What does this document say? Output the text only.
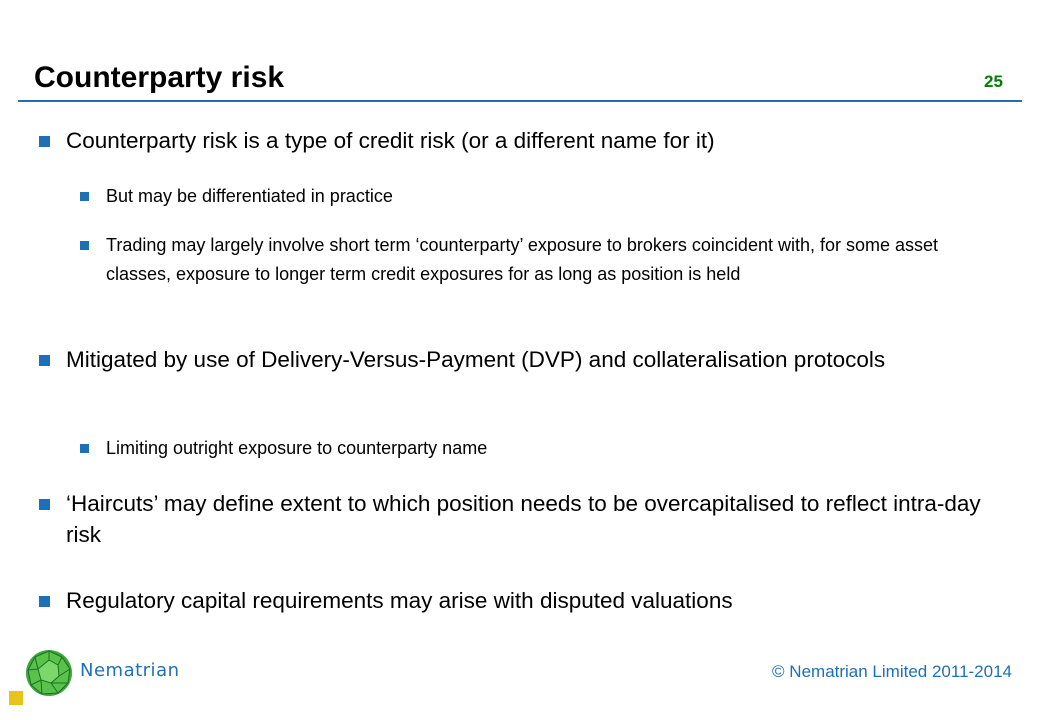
Counterparty risk	25
Counterparty risk is a type of credit risk (or a different name for it)
But may be differentiated in practice
Trading may largely involve short term ‘counterparty’ exposure to brokers coincident with, for some asset classes, exposure to longer term credit exposures for as long as position is held
Mitigated by use of Delivery-Versus-Payment (DVP) and collateralisation protocols
Limiting outright exposure to counterparty name
‘Haircuts’ may define extent to which position needs to be overcapitalised to reflect intra-day risk
Regulatory capital requirements may arise with disputed valuations
Nematrian	© Nematrian Limited 2011-2014
